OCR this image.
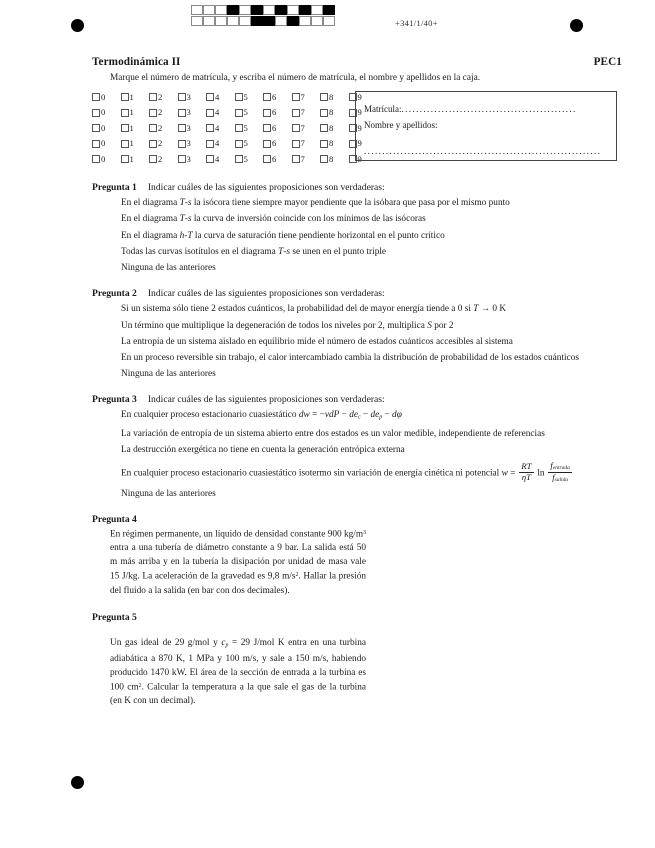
+341/1/40+
Termodinámica II	PEC1
Marque el número de matrícula, y escriba el número de matrícula, el nombre y apellidos en la caja.
0	1	2	3	4	5	6	7	8	9
0	1	2	3	4	5	6	7	8	9
0	1	2	3	4	5	6	7	8	9
0	1	2	3	4	5	6	7	8	9
0	1	2	3	4	5	6	7	8	9
Matrícula:................................................
Nombre y apellidos:
.................................................................
Pregunta 1 Indicar cuáles de las siguientes proposiciones son verdaderas:
En el diagrama T-s la isócora tiene siempre mayor pendiente que la isóbara que pasa por el mismo punto
En el diagrama T-s la curva de inversión coincide con los mínimos de las isócoras
En el diagrama h-T la curva de saturación tiene pendiente horizontal en el punto crítico
Todas las curvas isotítulos en el diagrama T-s se unen en el punto triple
Ninguna de las anteriores
Pregunta 2 Indicar cuáles de las siguientes proposiciones son verdaderas:
Si un sistema sólo tiene 2 estados cuánticos, la probabilidad del de mayor energía tiende a 0 si T → 0 K
Un término que multiplique la degeneración de todos los niveles por 2, multiplica S por 2
La entropía de un sistema aislado en equilibrio mide el número de estados cuánticos accesibles al sistema
En un proceso reversible sin trabajo, el calor intercambiado cambia la distribución de probabilidad de los estados cuánticos
Ninguna de las anteriores
Pregunta 3 Indicar cuáles de las siguientes proposiciones son verdaderas:
En cualquier proceso estacionario cuasiestático dw = $-vdP - de_c - de_p - d\varphi$
La variación de entropía de un sistema abierto entre dos estados es un valor medible, independiente de referencias
La destrucción exergética no tiene en cuenta la generación entrópica externa
En cualquier proceso estacionario cuasiestático isotermo sin variación de energía cinética ni potencial $w = \frac{RT}{\eta T}$ $\ln \frac{f_{entrada}}{f_{salida}}$
Ninguna de las anteriores
Pregunta 4
En régimen permanente, un líquido de densidad constante 900 $kg/m^3$ entra a una tubería de diámetro constante a 9 bar. La salida está 50 m más arriba y en la tubería la disipación por unidad de masa vale 15 J/kg. La aceleración de la gravedad es 9,8 $m/s^2$. Hallar la presión del fluido a la salida (en bar con dos decimales).
Pregunta 5
Un gas ideal de 29 g/mol y $c_p = 29$ J/mol K entra en una turbina adiabática a 870 K, 1 MPa y 100 m/s, y sale a 150 m/s, habiendo producido 1470 kW. El área de la sección de entrada a la turbina es 100 $cm^2$. Calcular la temperatura a la que sale el gas de la turbina (en K con un decimal).
